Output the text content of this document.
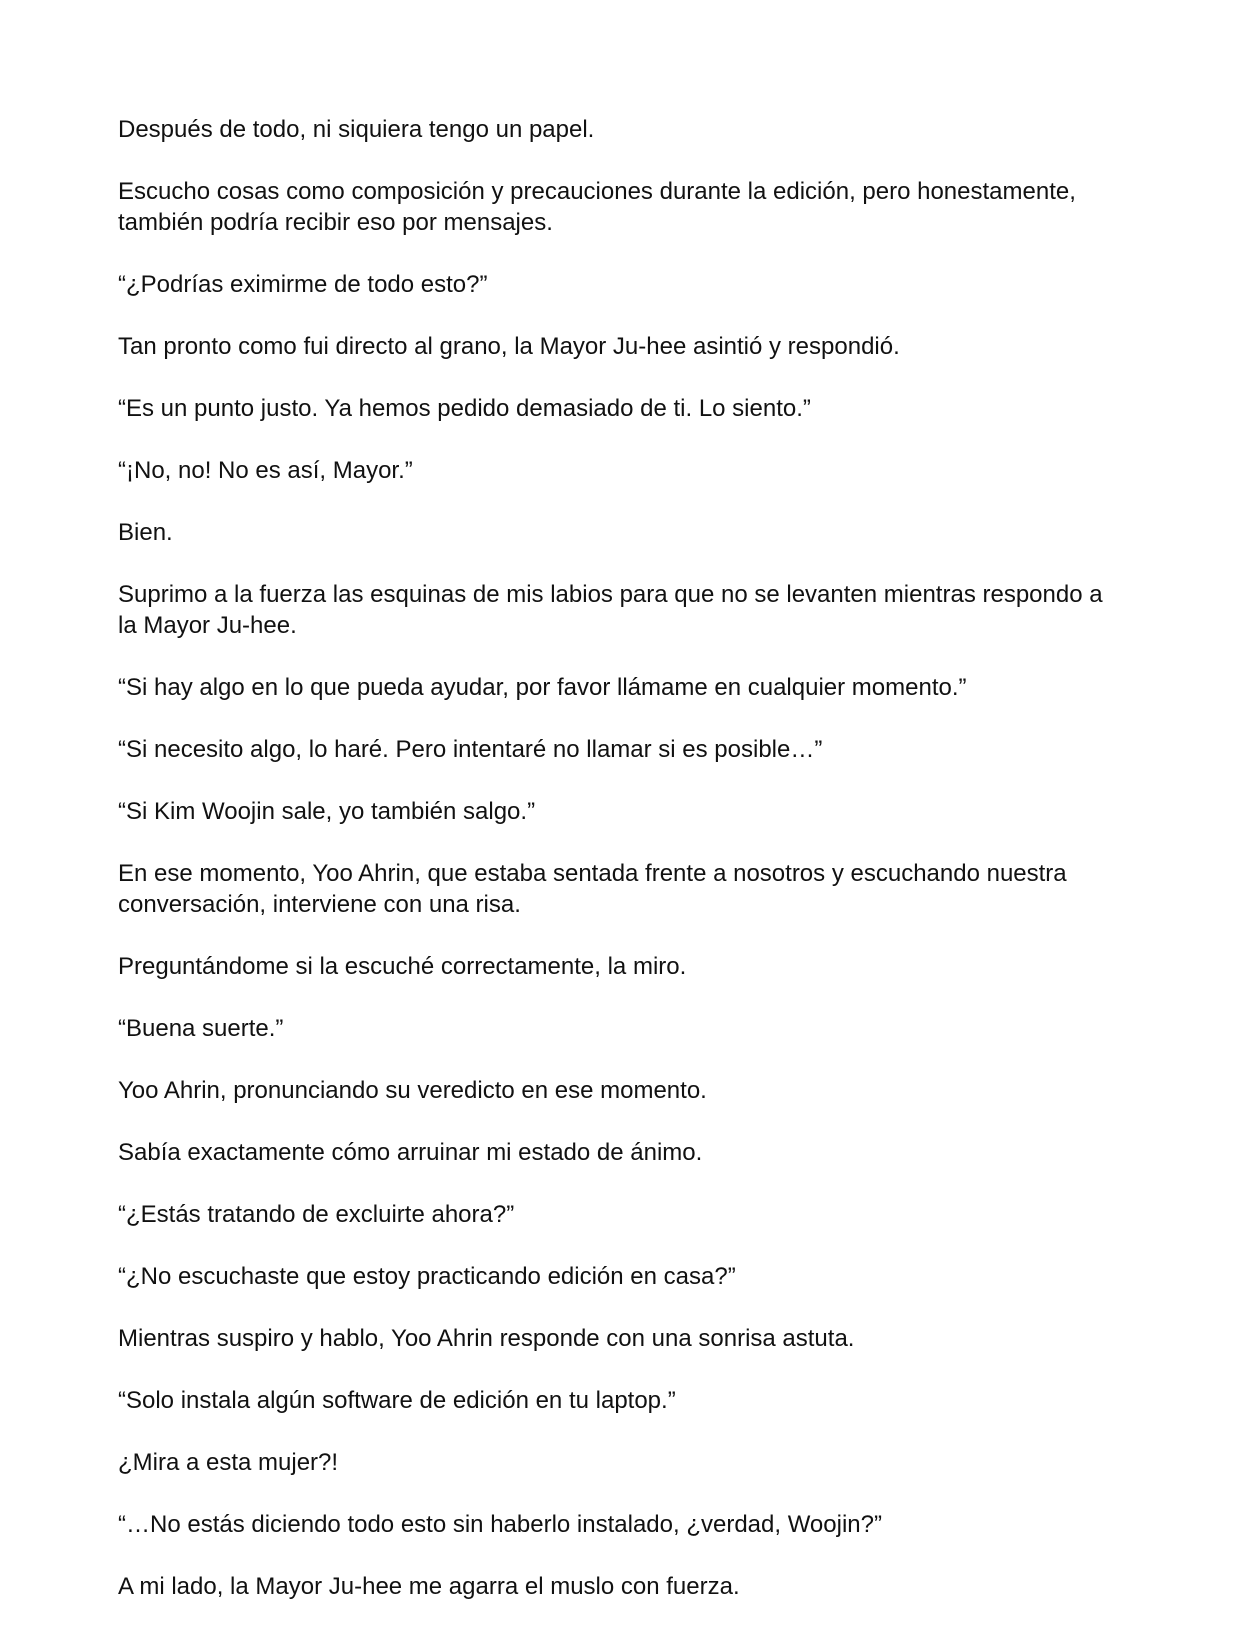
Después de todo, ni siquiera tengo un papel.

Escucho cosas como composición y precauciones durante la edición, pero honestamente, también podría recibir eso por mensajes.

“¿Podrías eximirme de todo esto?”

Tan pronto como fui directo al grano, la Mayor Ju-hee asintió y respondió.

“Es un punto justo. Ya hemos pedido demasiado de ti. Lo siento.”

“¡No, no! No es así, Mayor.”

Bien.

Suprimo a la fuerza las esquinas de mis labios para que no se levanten mientras respondo a la Mayor Ju-hee.

“Si hay algo en lo que pueda ayudar, por favor llámame en cualquier momento.”

“Si necesito algo, lo haré. Pero intentaré no llamar si es posible…”

“Si Kim Woojin sale, yo también salgo.”

En ese momento, Yoo Ahrin, que estaba sentada frente a nosotros y escuchando nuestra conversación, interviene con una risa.

Preguntándome si la escuché correctamente, la miro.

“Buena suerte.”

Yoo Ahrin, pronunciando su veredicto en ese momento.

Sabía exactamente cómo arruinar mi estado de ánimo.

“¿Estás tratando de excluirte ahora?”

“¿No escuchaste que estoy practicando edición en casa?”

Mientras suspiro y hablo, Yoo Ahrin responde con una sonrisa astuta.

“Solo instala algún software de edición en tu laptop.”

¿Mira a esta mujer?!

“…No estás diciendo todo esto sin haberlo instalado, ¿verdad, Woojin?”

A mi lado, la Mayor Ju-hee me agarra el muslo con fuerza.
